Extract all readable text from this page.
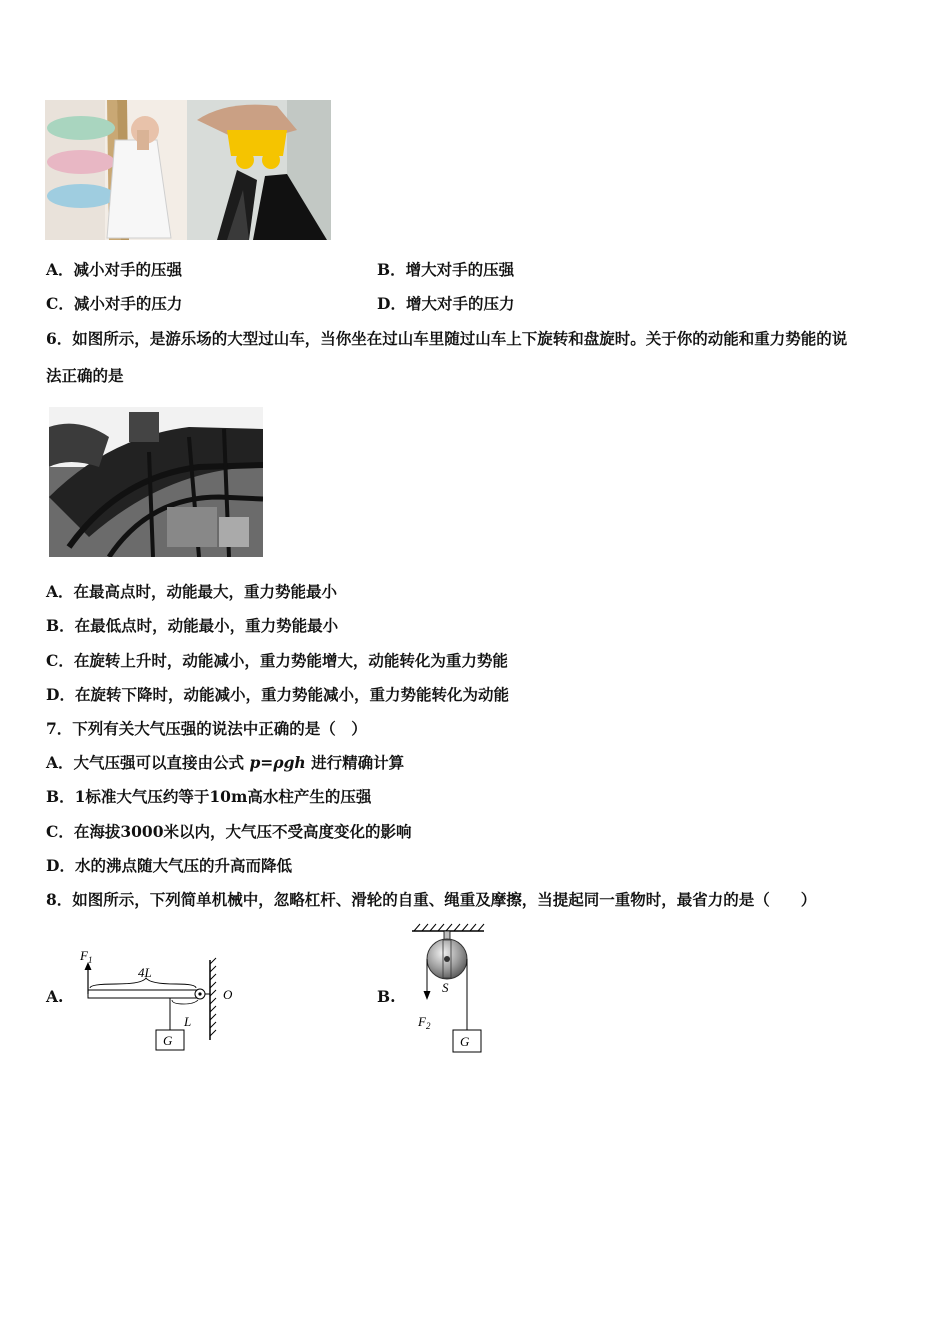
A．减小对手的压强	B．增大对手的压强
C．减小对手的压力	D．增大对手的压力
6．如图所示，是游乐场的大型过山车，当你坐在过山车里随过山车上下旋转和盘旋时。关于你的动能和重力势能的说
法正确的是
A．在最高点时，动能最大，重力势能最小
B．在最低点时，动能最小，重力势能最小
C．在旋转上升时，动能减小，重力势能增大，动能转化为重力势能
D．在旋转下降时，动能减小，重力势能减小，重力势能转化为动能
7．下列有关大气压强的说法中正确的是（　）
A．大气压强可以直接由公式 p=ρgh 进行精确计算
B．1标准大气压约等于10m高水柱产生的压强
C．在海拔3000米以内，大气压不受高度变化的影响
D．水的沸点随大气压的升高而降低
8．如图所示，下列简单机械中，忽略杠杆、滑轮的自重、绳重及摩擦，当提起同一重物时，最省力的是（　　）
A.	B.
$F_1$
4L
L
O
G
S
$F_2$
G
